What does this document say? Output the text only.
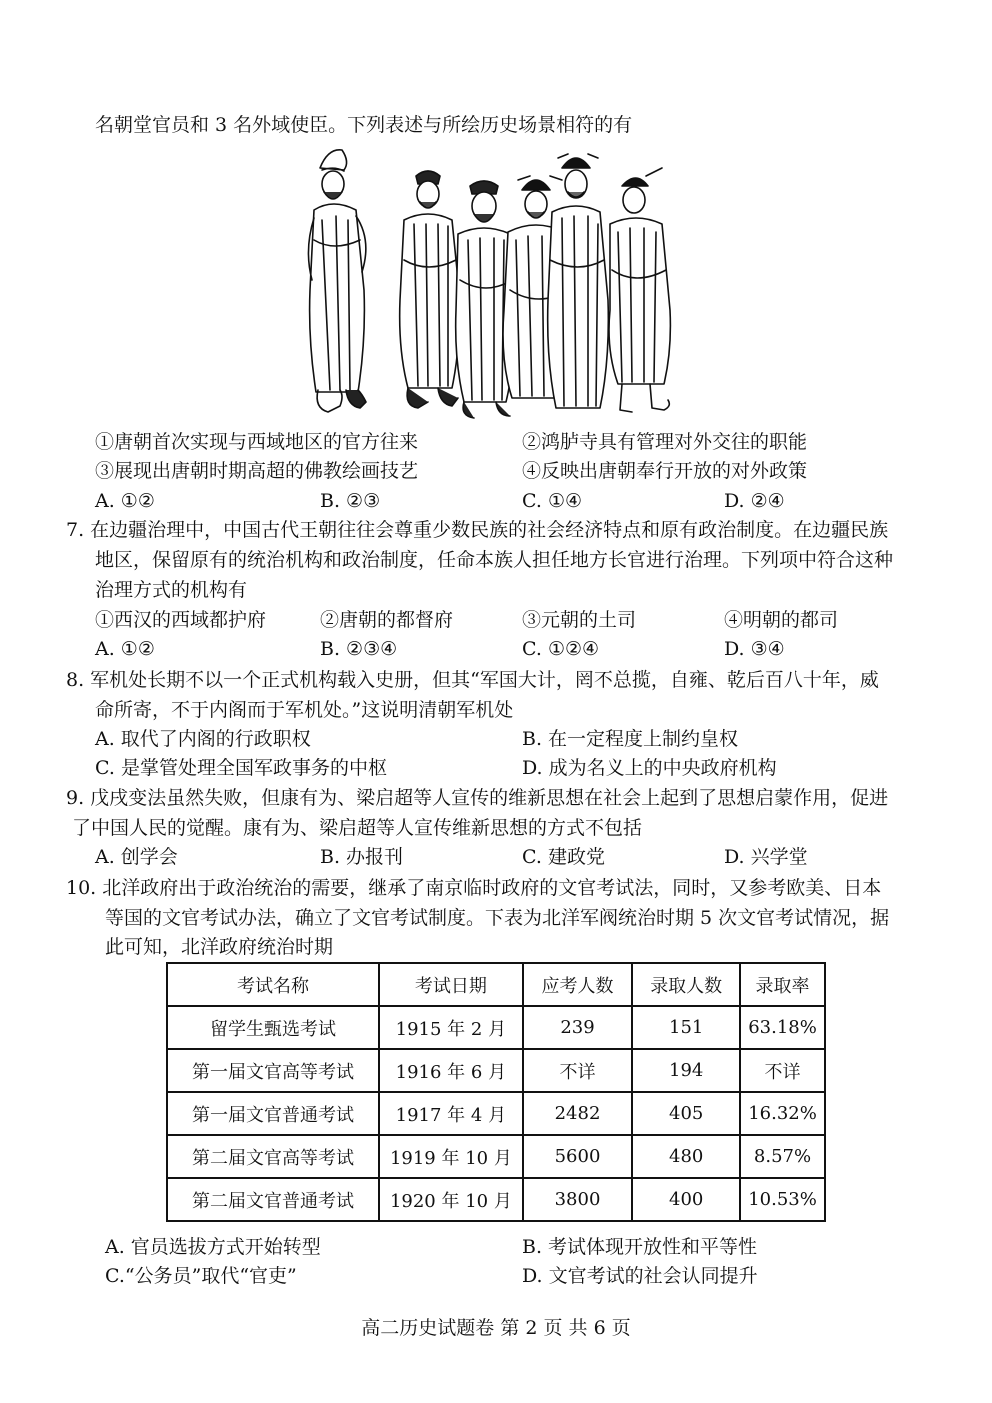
名朝堂官员和 3 名外域使臣。下列表述与所绘历史场景相符的有
①唐朝首次实现与西域地区的官方往来	②鸿胪寺具有管理对外交往的职能
③展现出唐朝时期高超的佛教绘画技艺	④反映出唐朝奉行开放的对外政策
A. ①②	B. ②③	C. ①④	D. ②④
7. 在边疆治理中，中国古代王朝往往会尊重少数民族的社会经济特点和原有政治制度。在边疆民族
地区，保留原有的统治机构和政治制度，任命本族人担任地方长官进行治理。下列项中符合这种
治理方式的机构有
①西汉的西域都护府	②唐朝的都督府	③元朝的土司	④明朝的都司
A. ①②	B. ②③④	C. ①②④	D. ③④
8. 军机处长期不以一个正式机构载入史册，但其“军国大计，罔不总揽，自雍、乾后百八十年，威
命所寄，不于内阁而于军机处。”这说明清朝军机处
A. 取代了内阁的行政职权	B. 在一定程度上制约皇权
C. 是掌管处理全国军政事务的中枢	D. 成为名义上的中央政府机构
9. 戊戌变法虽然失败，但康有为、梁启超等人宣传的维新思想在社会上起到了思想启蒙作用，促进
了中国人民的觉醒。康有为、梁启超等人宣传维新思想的方式不包括
A. 创学会	B. 办报刊	C. 建政党	D. 兴学堂
10. 北洋政府出于政治统治的需要，继承了南京临时政府的文官考试法，同时，又参考欧美、日本
等国的文官考试办法，确立了文官考试制度。下表为北洋军阀统治时期 5 次文官考试情况，据
此可知，北洋政府统治时期
考试名称	考试日期	应考人数	录取人数	录取率
留学生甄选考试	1915 年 2 月	239	151	63.18%
第一届文官高等考试	1916 年 6 月	不详	194	不详
第一届文官普通考试	1917 年 4 月	2482	405	16.32%
第二届文官高等考试	1919 年 10 月	5600	480	8.57%
第二届文官普通考试	1920 年 10 月	3800	400	10.53%
A. 官员选拔方式开始转型	B. 考试体现开放性和平等性
C.“公务员”取代“官吏”	D. 文官考试的社会认同提升
高二历史试题卷 第 2 页 共 6 页
